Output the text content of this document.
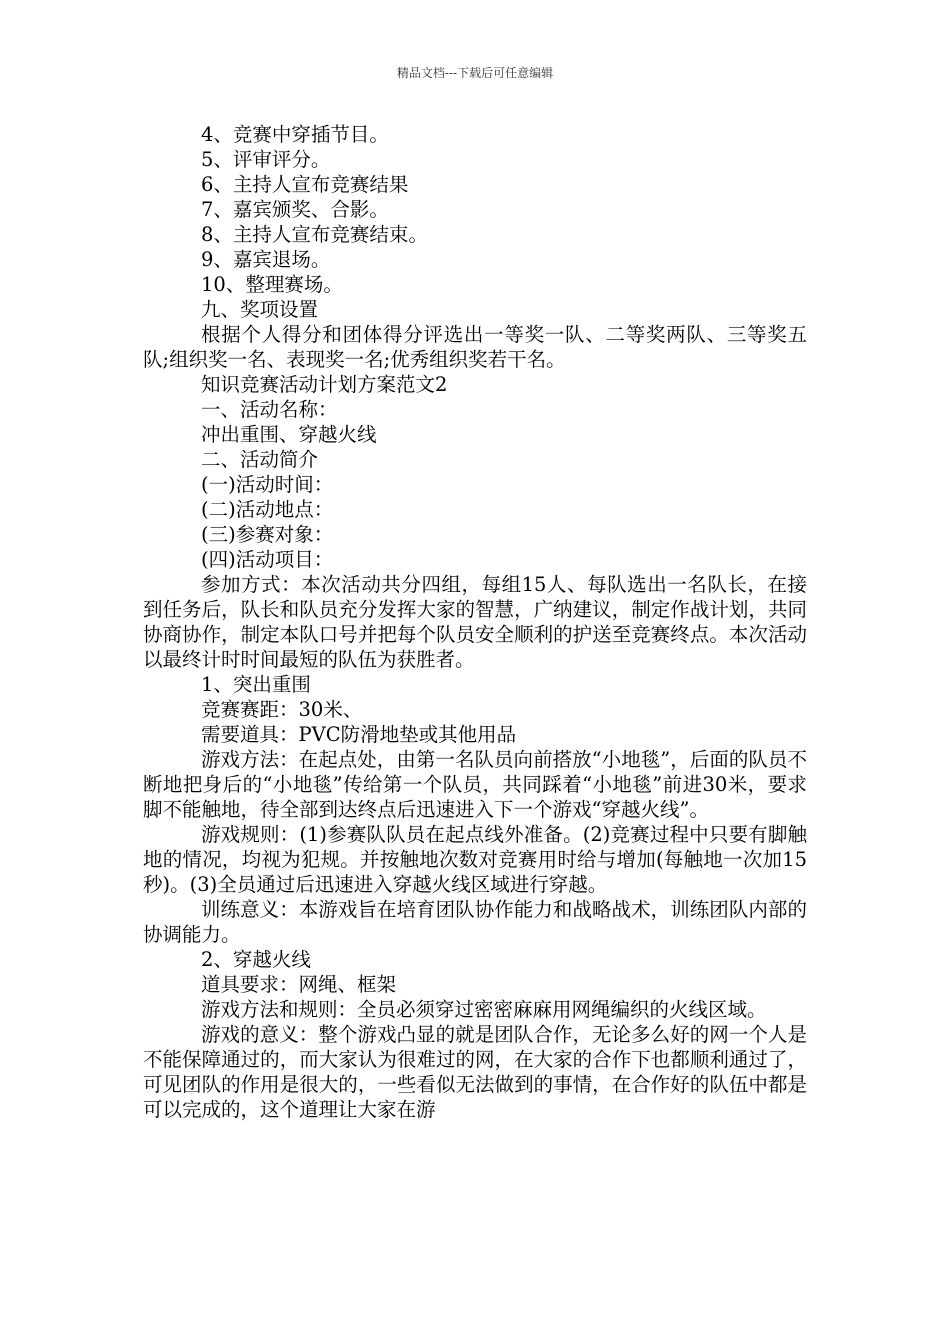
精品文档---下载后可任意编辑

4、竞赛中穿插节目。

5、评审评分。

6、主持人宣布竞赛结果

7、嘉宾颁奖、合影。

8、主持人宣布竞赛结束。

9、嘉宾退场。

10、整理赛场。

九、奖项设置

根据个人得分和团体得分评选出一等奖一队、二等奖两队、三等奖五队;组织奖一名、表现奖一名;优秀组织奖若干名。

知识竞赛活动计划方案范文2

一、活动名称：

冲出重围、穿越火线

二、活动简介

(一)活动时间：

(二)活动地点：

(三)参赛对象：

(四)活动项目：

参加方式：本次活动共分四组，每组15人、每队选出一名队长，在接到任务后，队长和队员充分发挥大家的智慧，广纳建议，制定作战计划，共同协商协作，制定本队口号并把每个队员安全顺利的护送至竞赛终点。本次活动以最终计时时间最短的队伍为获胜者。

1、突出重围

竞赛赛距：30米、

需要道具：PVC防滑地垫或其他用品

游戏方法：在起点处，由第一名队员向前搭放“小地毯”，后面的队员不断地把身后的“小地毯”传给第一个队员，共同踩着“小地毯”前进30米，要求脚不能触地，待全部到达终点后迅速进入下一个游戏“穿越火线”。

游戏规则：(1)参赛队队员在起点线外准备。(2)竞赛过程中只要有脚触地的情况，均视为犯规。并按触地次数对竞赛用时给与增加(每触地一次加15秒)。(3)全员通过后迅速进入穿越火线区域进行穿越。

训练意义：本游戏旨在培育团队协作能力和战略战术，训练团队内部的协调能力。

2、穿越火线

道具要求：网绳、框架

游戏方法和规则：全员必须穿过密密麻麻用网绳编织的火线区域。

游戏的意义：整个游戏凸显的就是团队合作，无论多么好的网一个人是不能保障通过的，而大家认为很难过的网，在大家的合作下也都顺利通过了，可见团队的作用是很大的，一些看似无法做到的事情，在合作好的队伍中都是可以完成的，这个道理让大家在游
